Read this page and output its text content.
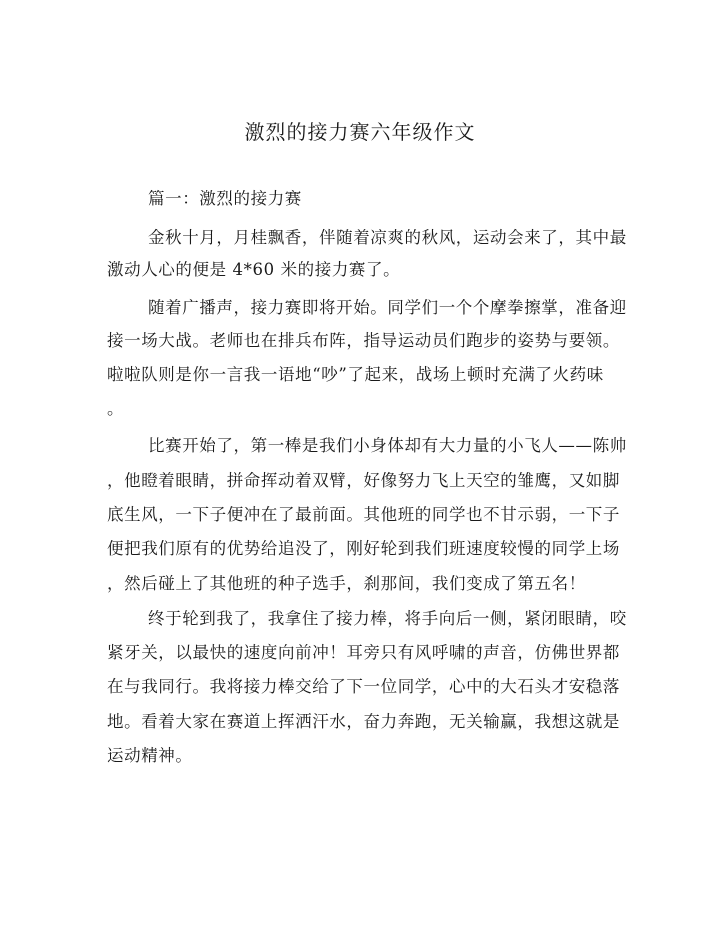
激烈的接力赛六年级作文
篇一：激烈的接力赛
金秋十月，月桂飘香，伴随着凉爽的秋风，运动会来了，其中最
激动人心的便是 4*60 米的接力赛了。
随着广播声，接力赛即将开始。同学们一个个摩拳擦掌，准备迎
接一场大战。老师也在排兵布阵，指导运动员们跑步的姿势与要领。
啦啦队则是你一言我一语地“吵”了起来，战场上顿时充满了火药味
。
比赛开始了，第一棒是我们小身体却有大力量的小飞人——陈帅
，他瞪着眼睛，拼命挥动着双臂，好像努力飞上天空的雏鹰，又如脚
底生风，一下子便冲在了最前面。其他班的同学也不甘示弱，一下子
便把我们原有的优势给追没了，刚好轮到我们班速度较慢的同学上场
，然后碰上了其他班的种子选手，刹那间，我们变成了第五名！
终于轮到我了，我拿住了接力棒，将手向后一侧，紧闭眼睛，咬
紧牙关，以最快的速度向前冲！耳旁只有风呼啸的声音，仿佛世界都
在与我同行。我将接力棒交给了下一位同学，心中的大石头才安稳落
地。看着大家在赛道上挥洒汗水，奋力奔跑，无关输赢，我想这就是
运动精神。
